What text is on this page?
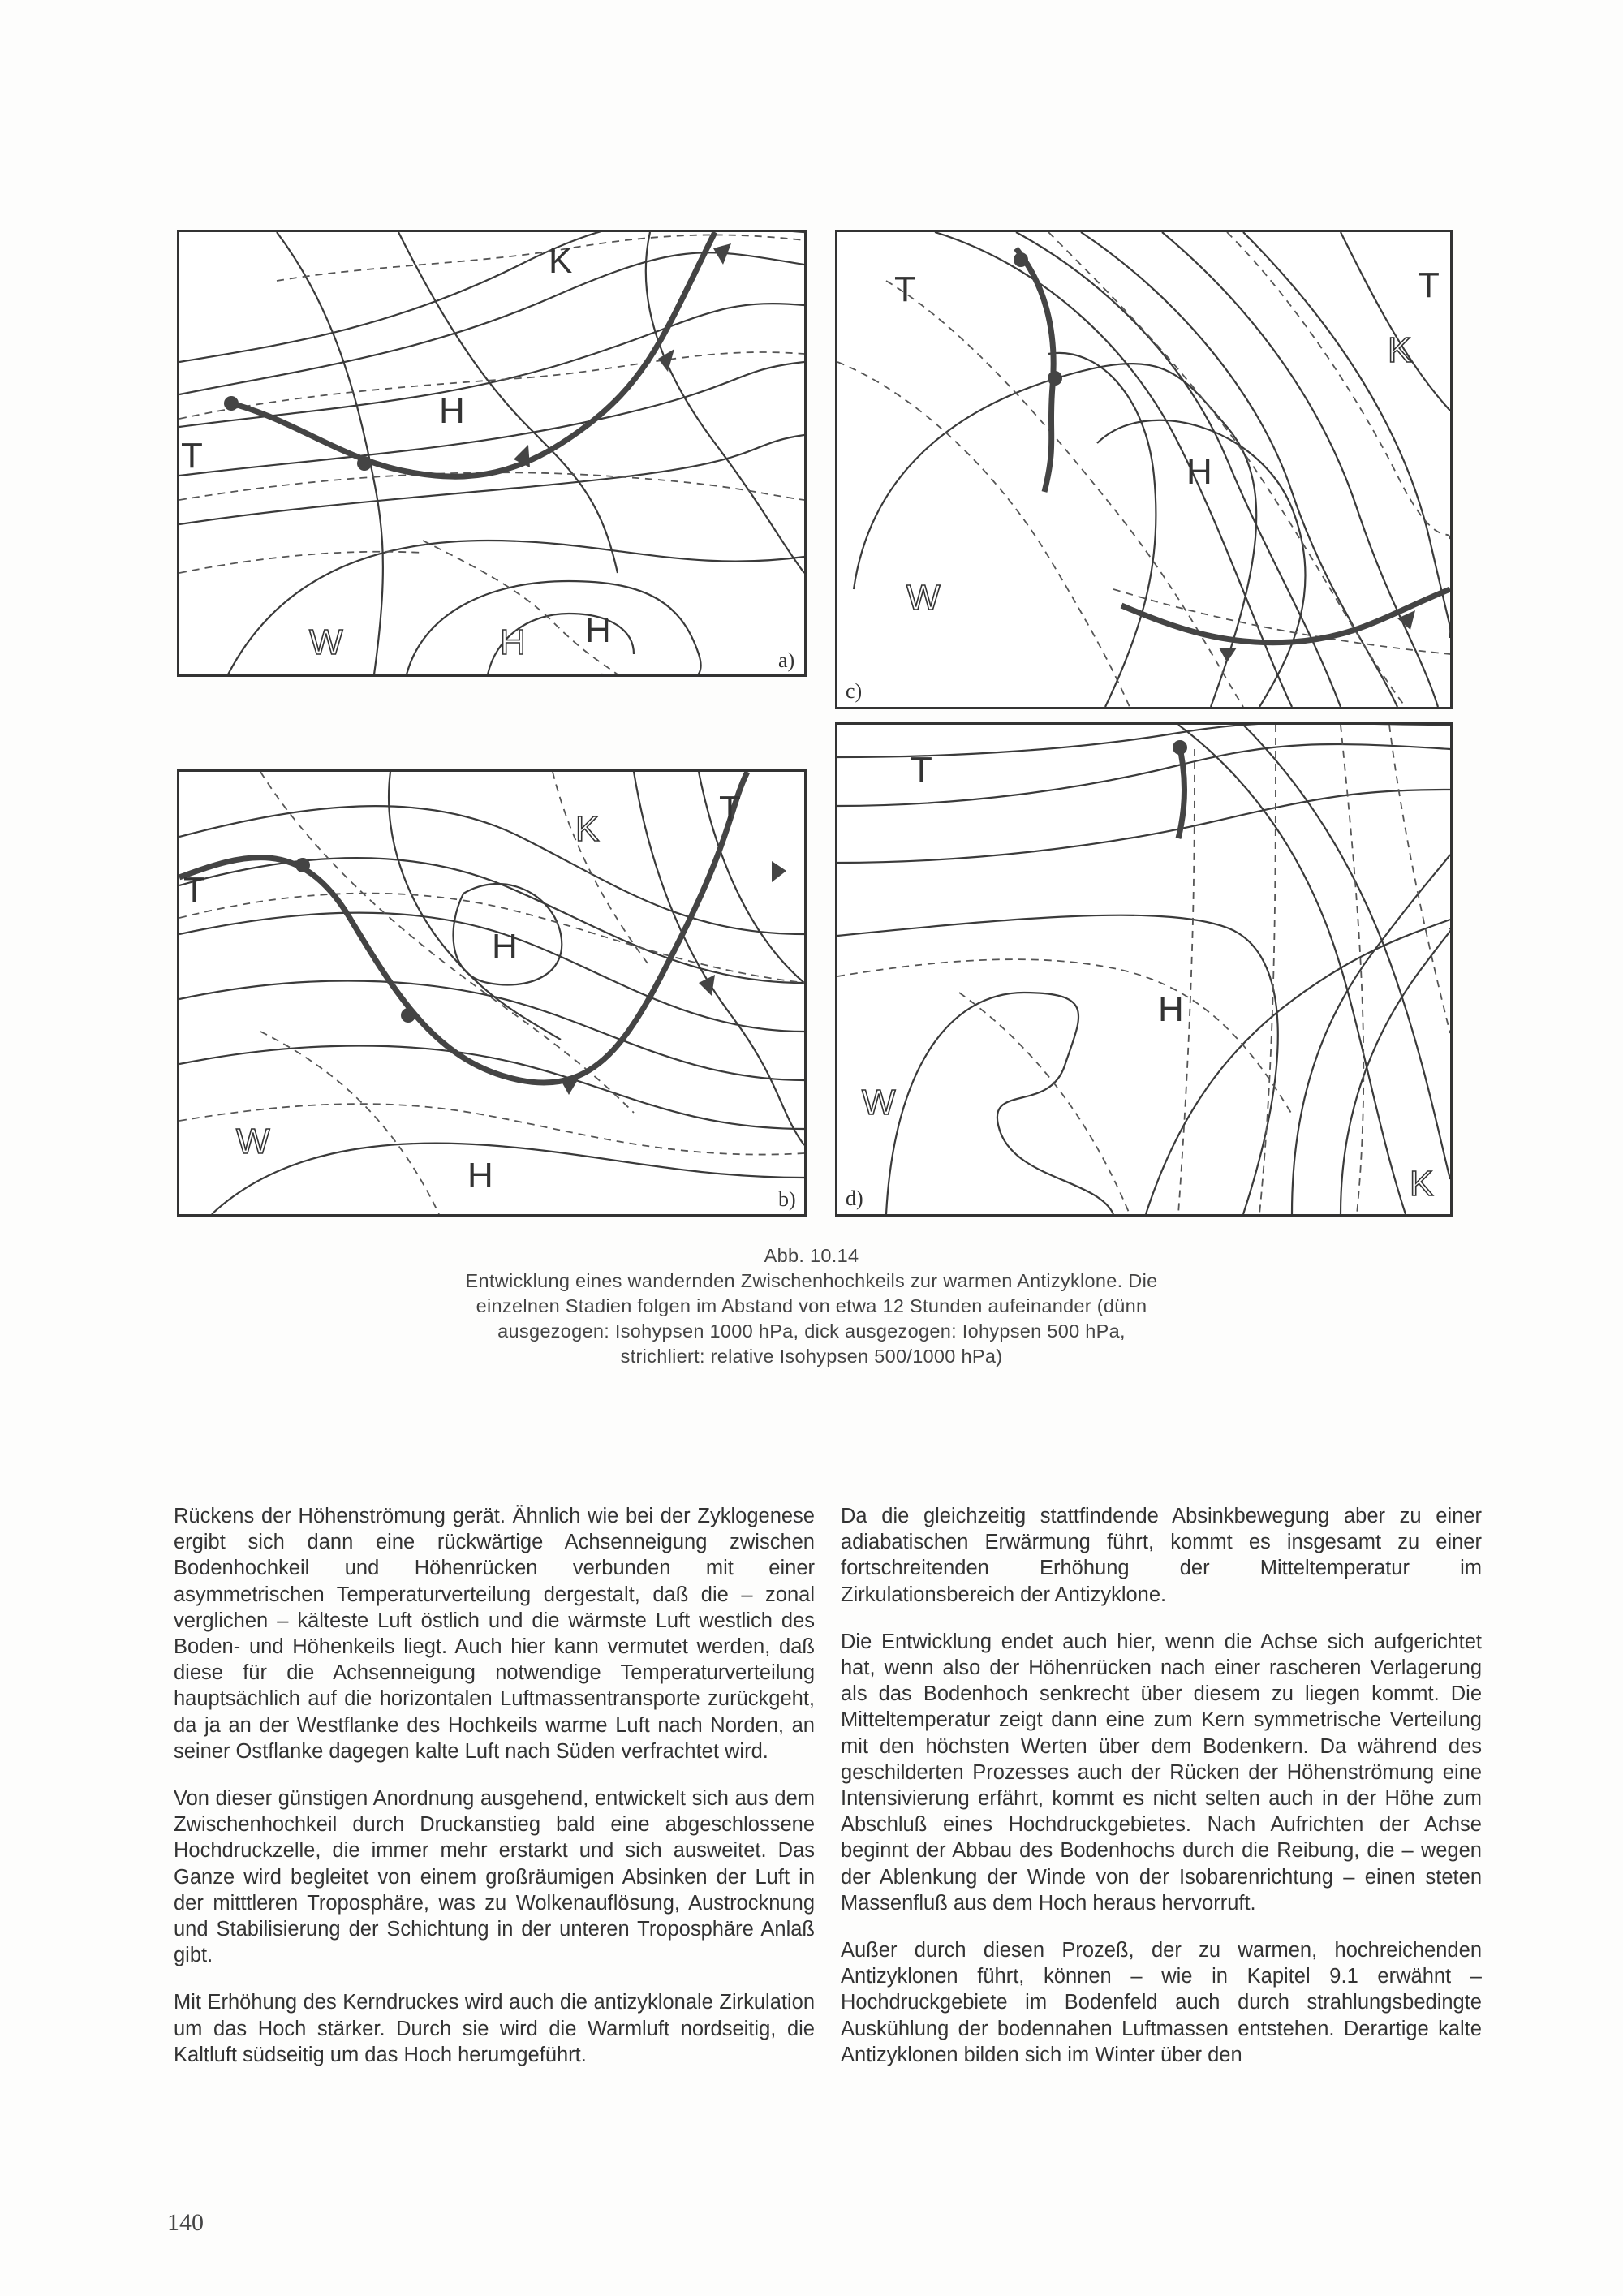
K
T
H
H H
W	a)
T	T
K
H
W
c)
T
T
K
H
H
W
b)
T
H
W
K
d)
Abb. 10.14
Entwicklung eines wandernden Zwischenhochkeils zur warmen Antizyklone. Die einzelnen Stadien folgen im Abstand von etwa 12 Stunden aufeinander (dünn ausgezogen: Isohypsen 1000 hPa, dick ausgezogen: Iohypsen 500 hPa, strichliert: relative Isohypsen 500/1000 hPa)

Rückens der Höhenströmung gerät. Ähnlich wie bei der Zyklogenese ergibt sich dann eine rückwärtige Achsenneigung zwischen Bodenhochkeil und Höhenrücken verbunden mit einer asymmetrischen Temperaturverteilung dergestalt, daß die – zonal verglichen – kälteste Luft östlich und die wärmste Luft westlich des Boden- und Höhenkeils liegt. Auch hier kann vermutet werden, daß diese für die Achsenneigung notwendige Temperaturverteilung hauptsächlich auf die horizontalen Luftmassentransporte zurückgeht, da ja an der Westflanke des Hochkeils warme Luft nach Norden, an seiner Ostflanke dagegen kalte Luft nach Süden verfrachtet wird.

Von dieser günstigen Anordnung ausgehend, entwickelt sich aus dem Zwischenhochkeil durch Druckanstieg bald eine abgeschlossene Hochdruckzelle, die immer mehr erstarkt und sich ausweitet. Das Ganze wird begleitet von einem großräumigen Absinken der Luft in der mitttleren Troposphäre, was zu Wolkenauflösung, Austrocknung und Stabilisierung der Schichtung in der unteren Troposphäre Anlaß gibt.

Mit Erhöhung des Kerndruckes wird auch die antizyklonale Zirkulation um das Hoch stärker. Durch sie wird die Warmluft nordseitig, die Kaltluft südseitig um das Hoch herumgeführt.

Da die gleichzeitig stattfindende Absinkbewegung aber zu einer adiabatischen Erwärmung führt, kommt es insgesamt zu einer fortschreitenden Erhöhung der Mitteltemperatur im Zirkulationsbereich der Antizyklone.

Die Entwicklung endet auch hier, wenn die Achse sich aufgerichtet hat, wenn also der Höhenrücken nach einer rascheren Verlagerung als das Bodenhoch senkrecht über diesem zu liegen kommt. Die Mitteltemperatur zeigt dann eine zum Kern symmetrische Verteilung mit den höchsten Werten über dem Bodenkern. Da während des geschilderten Prozesses auch der Rücken der Höhenströmung eine Intensivierung erfährt, kommt es nicht selten auch in der Höhe zum Abschluß eines Hochdruckgebietes. Nach Aufrichten der Achse beginnt der Abbau des Bodenhochs durch die Reibung, die – wegen der Ablenkung der Winde von der Isobarenrichtung – einen steten Massenfluß aus dem Hoch heraus hervorruft.

Außer durch diesen Prozeß, der zu warmen, hochreichenden Antizyklonen führt, können – wie in Kapitel 9.1 erwähnt – Hochdruckgebiete im Bodenfeld auch durch strahlungsbedingte Auskühlung der bodennahen Luftmassen entstehen. Derartige kalte Antizyklonen bilden sich im Winter über den

140
